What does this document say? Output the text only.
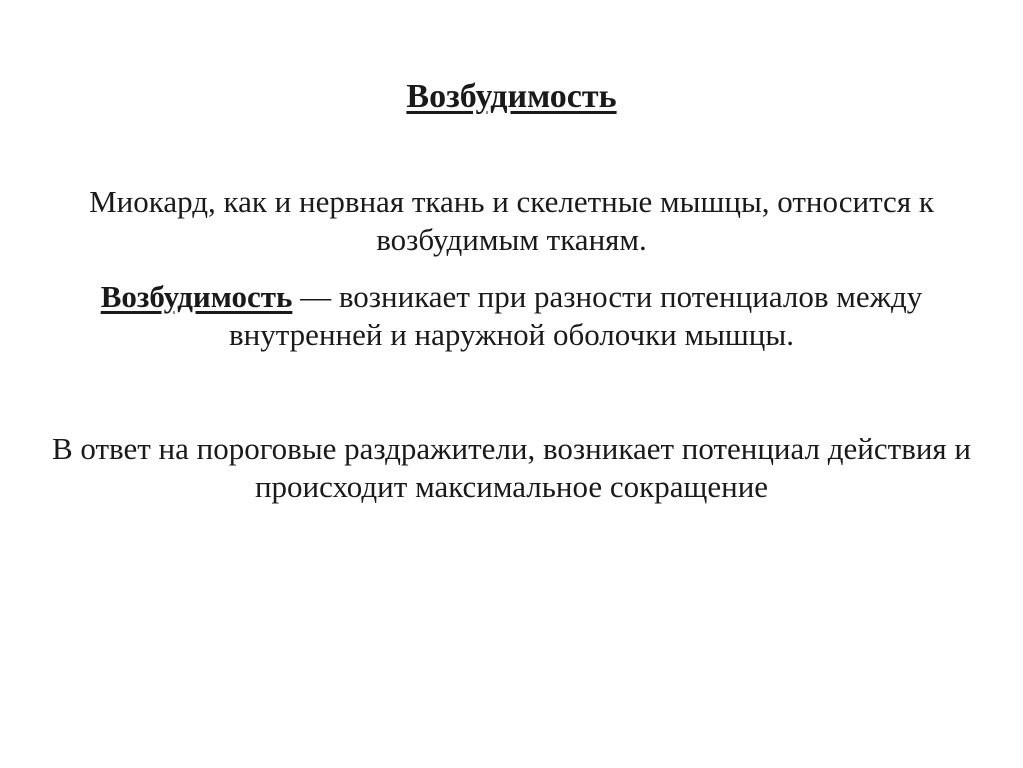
Возбудимость
Миокард, как и нервная ткань и скелетные мышцы, относится к возбудимым тканям.
Возбудимость — возникает при разности потенциалов между внутренней и наружной оболочки мышцы.
В ответ на пороговые раздражители, возникает потенциал действия и происходит максимальное сокращение
